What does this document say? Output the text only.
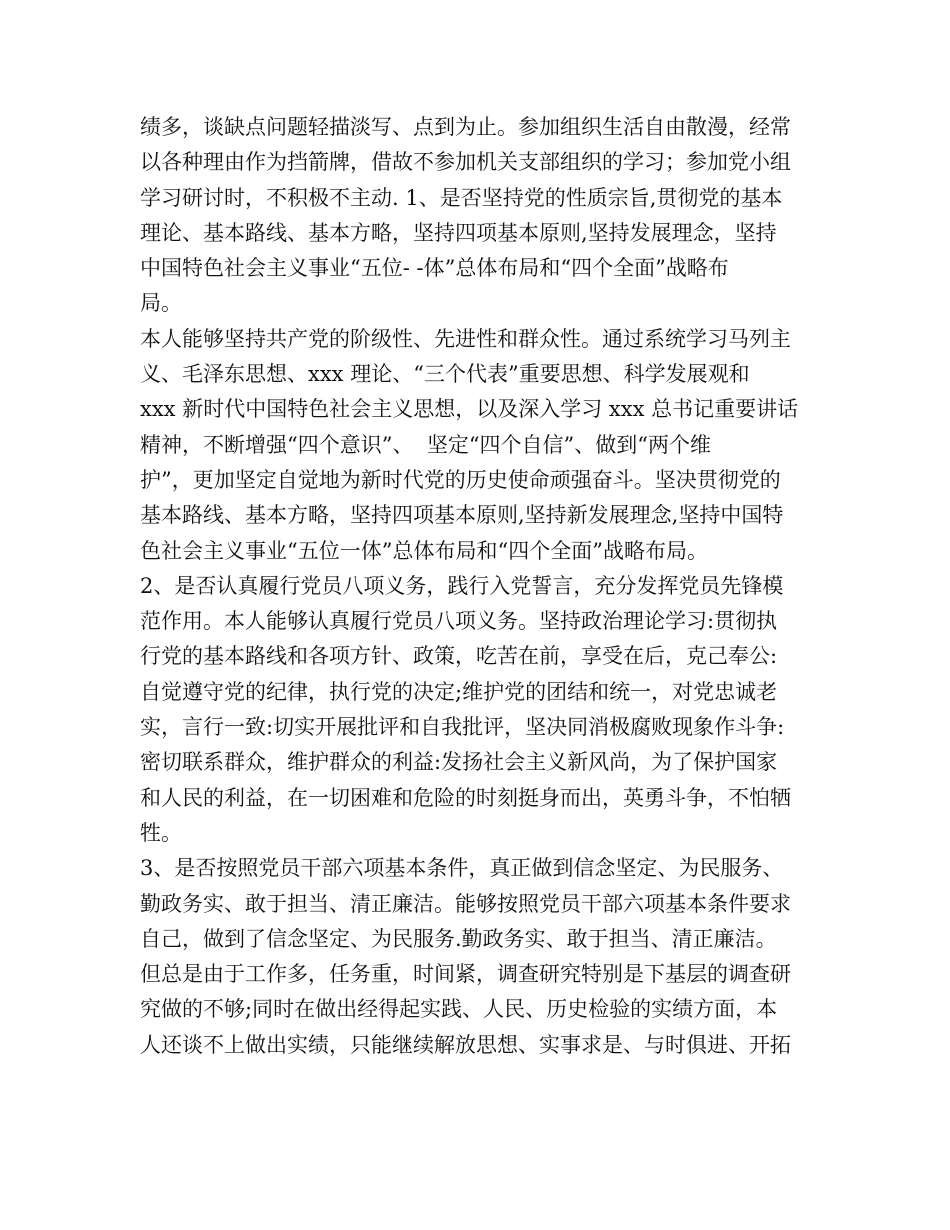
绩多，谈缺点问题轻描淡写、点到为止。参加组织生活自由散漫，经常
以各种理由作为挡箭牌，借故不参加机关支部组织的学习；参加党小组
学习研讨时，不积极不主动. 1、是否坚持党的性质宗旨,贯彻党的基本
理论、基本路线、基本方略，坚持四项基本原则,坚持发展理念，坚持
中国特色社会主义事业“五位- -体”总体布局和“四个全面”战略布
局。
本人能够坚持共产党的阶级性、先进性和群众性。通过系统学习马列主
义、毛泽东思想、xxx 理论、“三个代表”重要思想、科学发展观和
xxx 新时代中国特色社会主义思想，以及深入学习 xxx 总书记重要讲话
精神，不断增强“四个意识”、  坚定“四个自信”、做到“两个维
护”，更加坚定自觉地为新时代党的历史使命顽强奋斗。坚决贯彻党的
基本路线、基本方略，坚持四项基本原则,坚持新发展理念,坚持中国特
色社会主义事业“五位一体”总体布局和“四个全面”战略布局。
2、是否认真履行党员八项义务，践行入党誓言，充分发挥党员先锋模
范作用。本人能够认真履行党员八项义务。坚持政治理论学习:贯彻执
行党的基本路线和各项方针、政策，吃苦在前，享受在后，克己奉公:
自觉遵守党的纪律，执行党的决定;维护党的团结和统一，对党忠诚老
实，言行一致:切实开展批评和自我批评，坚决同消极腐败现象作斗争:
密切联系群众，维护群众的利益:发扬社会主义新风尚，为了保护国家
和人民的利益，在一切困难和危险的时刻挺身而出，英勇斗争，不怕牺
牲。
3、是否按照党员干部六项基本条件，真正做到信念坚定、为民服务、
勤政务实、敢于担当、清正廉洁。能够按照党员干部六项基本条件要求
自己，做到了信念坚定、为民服务.勤政务实、敢于担当、清正廉洁。
但总是由于工作多，任务重，时间紧，调查研究特别是下基层的调查研
究做的不够;同时在做出经得起实践、人民、历史检验的实绩方面，本
人还谈不上做出实绩，只能继续解放思想、实事求是、与时俱进、开拓
